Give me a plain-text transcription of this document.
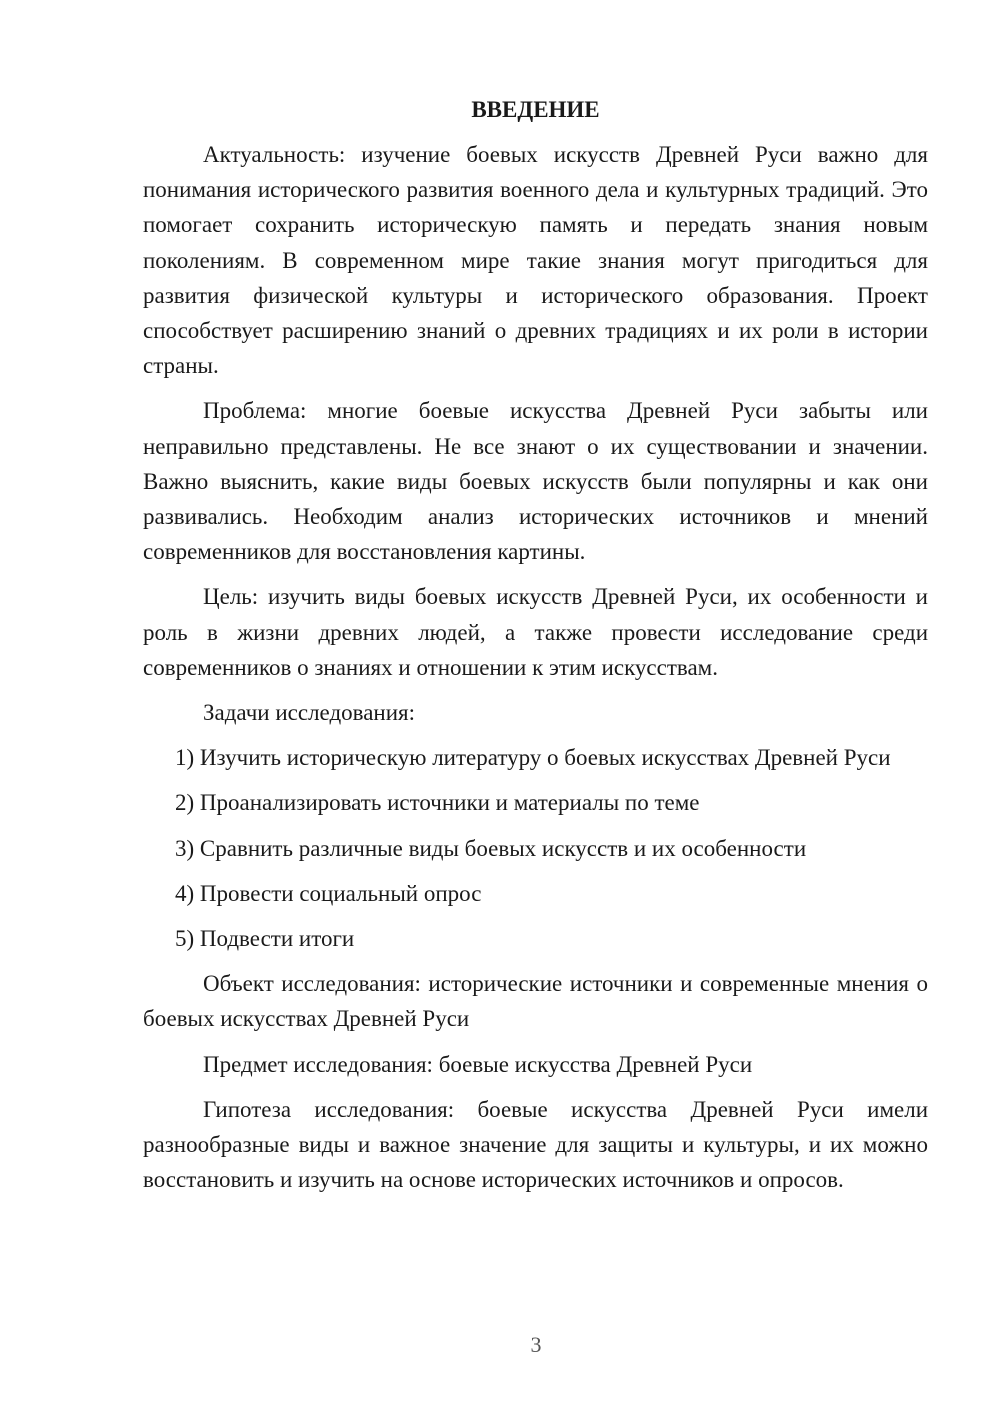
ВВЕДЕНИЕ

Актуальность: изучение боевых искусств Древней Руси важно для понимания исторического развития военного дела и культурных традиций. Это помогает сохранить историческую память и передать знания новым поколениям. В современном мире такие знания могут пригодиться для развития физической культуры и исторического образования. Проект способствует расширению знаний о древних традициях и их роли в истории страны.

Проблема: многие боевые искусства Древней Руси забыты или неправильно представлены. Не все знают о их существовании и значении. Важно выяснить, какие виды боевых искусств были популярны и как они развивались. Необходим анализ исторических источников и мнений современников для восстановления картины.

Цель: изучить виды боевых искусств Древней Руси, их особенности и роль в жизни древних людей, а также провести исследование среди современников о знаниях и отношении к этим искусствам.

Задачи исследования:

1) Изучить историческую литературу о боевых искусствах Древней Руси

2) Проанализировать источники и материалы по теме

3) Сравнить различные виды боевых искусств и их особенности

4) Провести социальный опрос

5) Подвести итоги

Объект исследования: исторические источники и современные мнения о боевых искусствах Древней Руси

Предмет исследования: боевые искусства Древней Руси

Гипотеза исследования: боевые искусства Древней Руси имели разнообразные виды и важное значение для защиты и культуры, и их можно восстановить и изучить на основе исторических источников и опросов.

3
